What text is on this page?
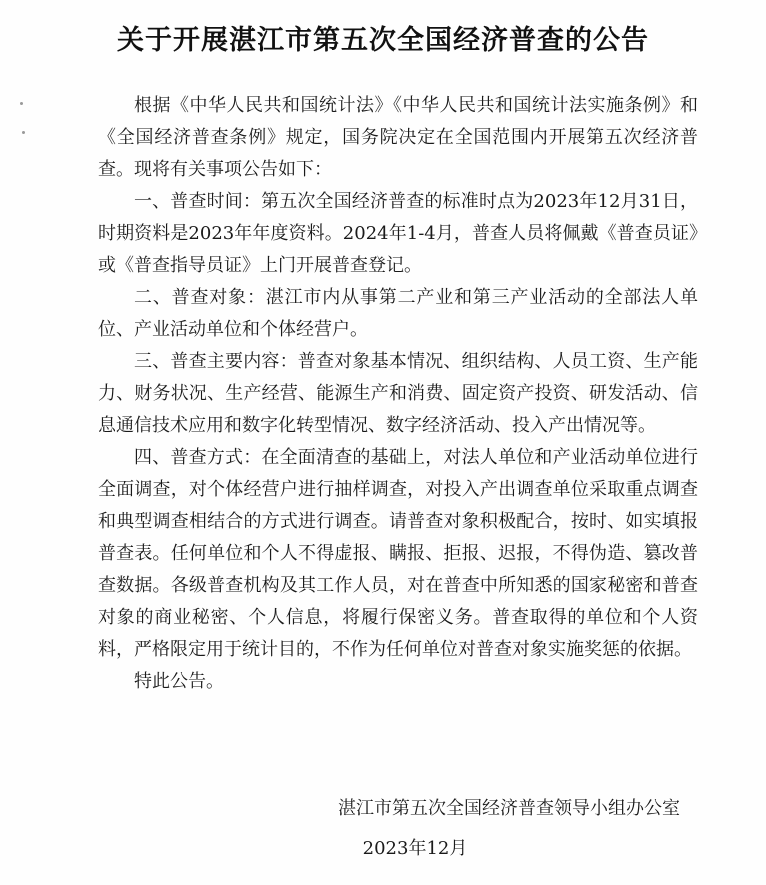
关于开展湛江市第五次全国经济普查的公告

根据《中华人民共和国统计法》《中华人民共和国统计法实施条例》和《全国经济普查条例》规定，国务院决定在全国范围内开展第五次经济普查。现将有关事项公告如下：

一、普查时间：第五次全国经济普查的标准时点为2023年12月31日，时期资料是2023年年度资料。2024年1-4月，普查人员将佩戴《普查员证》或《普查指导员证》上门开展普查登记。

二、普查对象：湛江市内从事第二产业和第三产业活动的全部法人单位、产业活动单位和个体经营户。

三、普查主要内容：普查对象基本情况、组织结构、人员工资、生产能力、财务状况、生产经营、能源生产和消费、固定资产投资、研发活动、信息通信技术应用和数字化转型情况、数字经济活动、投入产出情况等。

四、普查方式：在全面清查的基础上，对法人单位和产业活动单位进行全面调查，对个体经营户进行抽样调查，对投入产出调查单位采取重点调查和典型调查相结合的方式进行调查。请普查对象积极配合，按时、如实填报普查表。任何单位和个人不得虚报、瞒报、拒报、迟报，不得伪造、篡改普查数据。各级普查机构及其工作人员，对在普查中所知悉的国家秘密和普查对象的商业秘密、个人信息，将履行保密义务。普查取得的单位和个人资料，严格限定用于统计目的，不作为任何单位对普查对象实施奖惩的依据。

特此公告。

湛江市第五次全国经济普查领导小组办公室

2023年12月
